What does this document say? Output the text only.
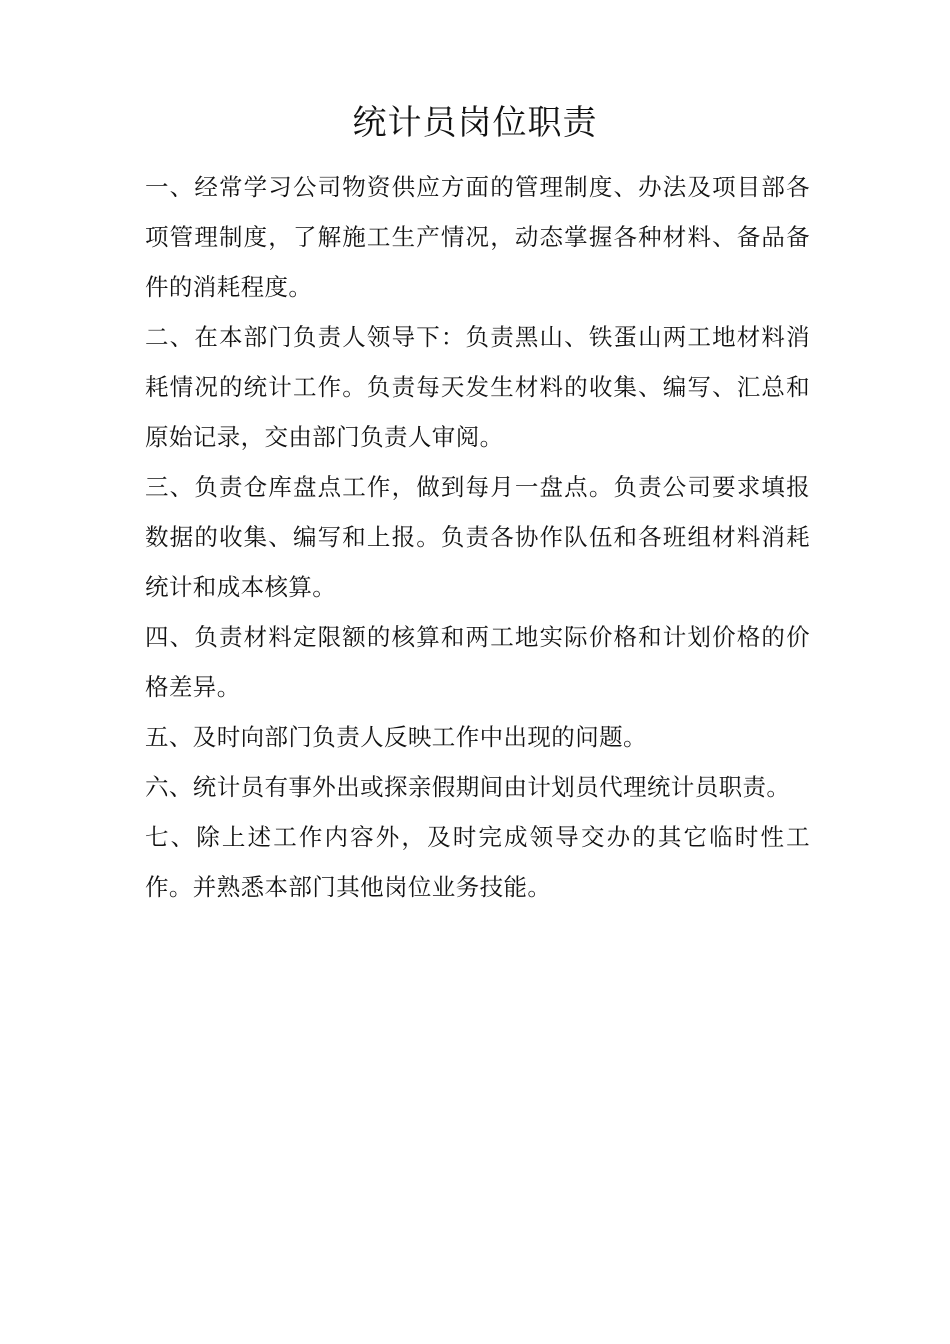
统计员岗位职责

一、经常学习公司物资供应方面的管理制度、办法及项目部各项管理制度，了解施工生产情况，动态掌握各种材料、备品备件的消耗程度。

二、在本部门负责人领导下：负责黑山、铁蛋山两工地材料消耗情况的统计工作。负责每天发生材料的收集、编写、汇总和原始记录，交由部门负责人审阅。

三、负责仓库盘点工作，做到每月一盘点。负责公司要求填报数据的收集、编写和上报。负责各协作队伍和各班组材料消耗统计和成本核算。

四、负责材料定限额的核算和两工地实际价格和计划价格的价格差异。

五、及时向部门负责人反映工作中出现的问题。

六、统计员有事外出或探亲假期间由计划员代理统计员职责。

七、除上述工作内容外，及时完成领导交办的其它临时性工作。并熟悉本部门其他岗位业务技能。
